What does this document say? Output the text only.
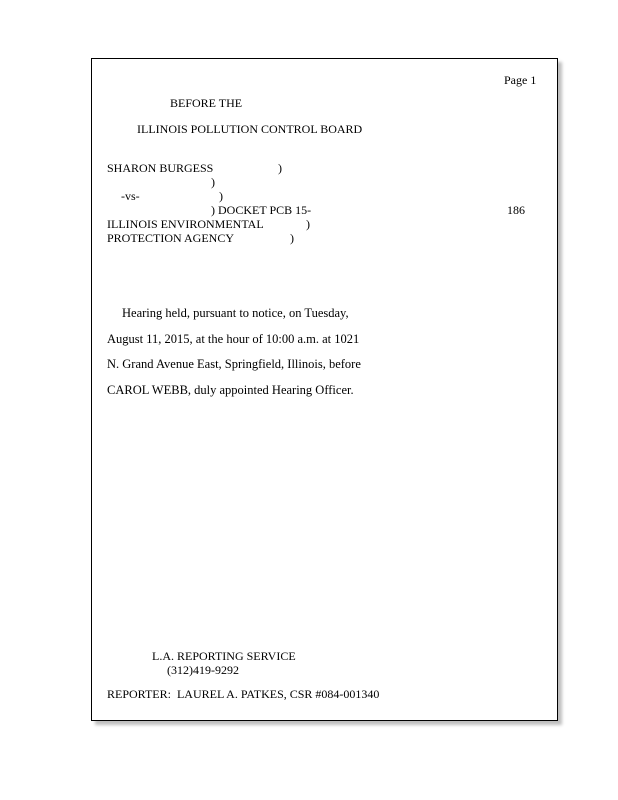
Page 1
BEFORE THE
ILLINOIS POLLUTION CONTROL BOARD
SHARON BURGESS	)
)
-vs-	)
) DOCKET PCB 15-	186
ILLINOIS ENVIRONMENTAL	)
PROTECTION AGENCY	)
Hearing held, pursuant to notice, on Tuesday,
August 11, 2015, at the hour of 10:00 a.m. at 1021
N. Grand Avenue East, Springfield, Illinois, before
CAROL WEBB, duly appointed Hearing Officer.
L.A. REPORTING SERVICE
(312)419-9292
REPORTER:  LAUREL A. PATKES, CSR #084-001340
